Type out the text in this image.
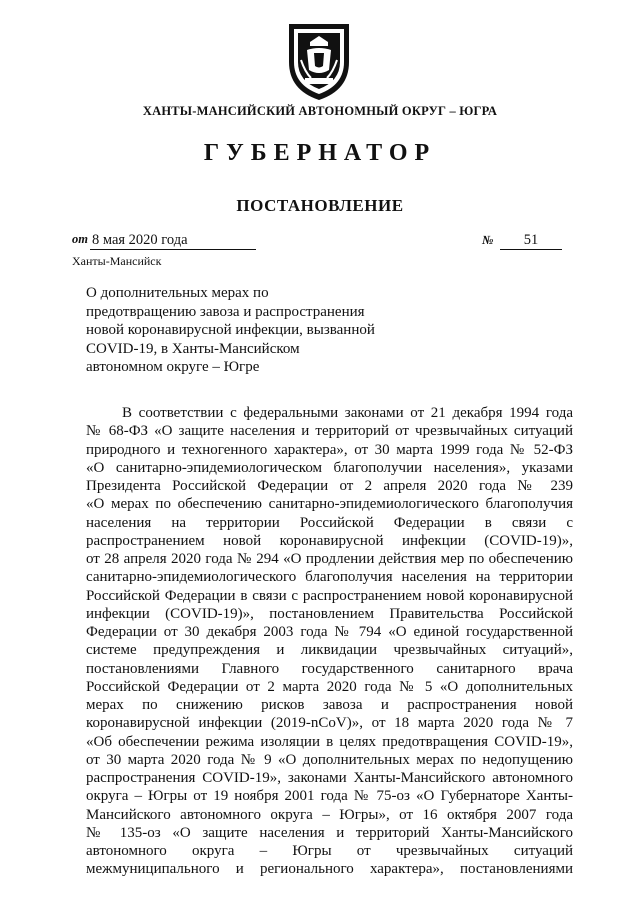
ХАНТЫ-МАНСИЙСКИЙ АВТОНОМНЫЙ ОКРУГ – ЮГРА
ГУБЕРНАТОР
ПОСТАНОВЛЕНИЕ
от 8 мая 2020 года	№	51
Ханты-Мансийск
О дополнительных мерах по
предотвращению завоза и распространения
новой коронавирусной инфекции, вызванной
COVID-19, в Ханты-Мансийском
автономном округе – Югре
В соответствии с федеральными законами от 21 декабря 1994 года
№ 68-ФЗ «О защите населения и территорий от чрезвычайных ситуаций
природного и техногенного характера», от 30 марта 1999 года № 52-ФЗ
«О санитарно-эпидемиологическом благополучии населения», указами
Президента Российской Федерации от 2 апреля 2020 года № 239
«О мерах по обеспечению санитарно-эпидемиологического благополучия
населения на территории Российской Федерации в связи с
распространением новой коронавирусной инфекции (COVID-19)»,
от 28 апреля 2020 года № 294 «О продлении действия мер по обеспечению
санитарно-эпидемиологического благополучия населения на территории
Российской Федерации в связи с распространением новой коронавирусной
инфекции (COVID-19)», постановлением Правительства Российской
Федерации от 30 декабря 2003 года № 794 «О единой государственной
системе предупреждения и ликвидации чрезвычайных ситуаций»,
постановлениями Главного государственного санитарного врача
Российской Федерации от 2 марта 2020 года № 5 «О дополнительных
мерах по снижению рисков завоза и распространения новой
коронавирусной инфекции (2019-nCoV)», от 18 марта 2020 года № 7
«Об обеспечении режима изоляции в целях предотвращения COVID-19»,
от 30 марта 2020 года № 9 «О дополнительных мерах по недопущению
распространения COVID-19», законами Ханты-Мансийского автономного
округа – Югры от 19 ноября 2001 года № 75-оз «О Губернаторе Ханты-
Мансийского автономного округа – Югры», от 16 октября 2007 года
№ 135-оз «О защите населения и территорий Ханты-Мансийского
автономного округа – Югры от чрезвычайных ситуаций
межмуниципального и регионального характера», постановлениями
